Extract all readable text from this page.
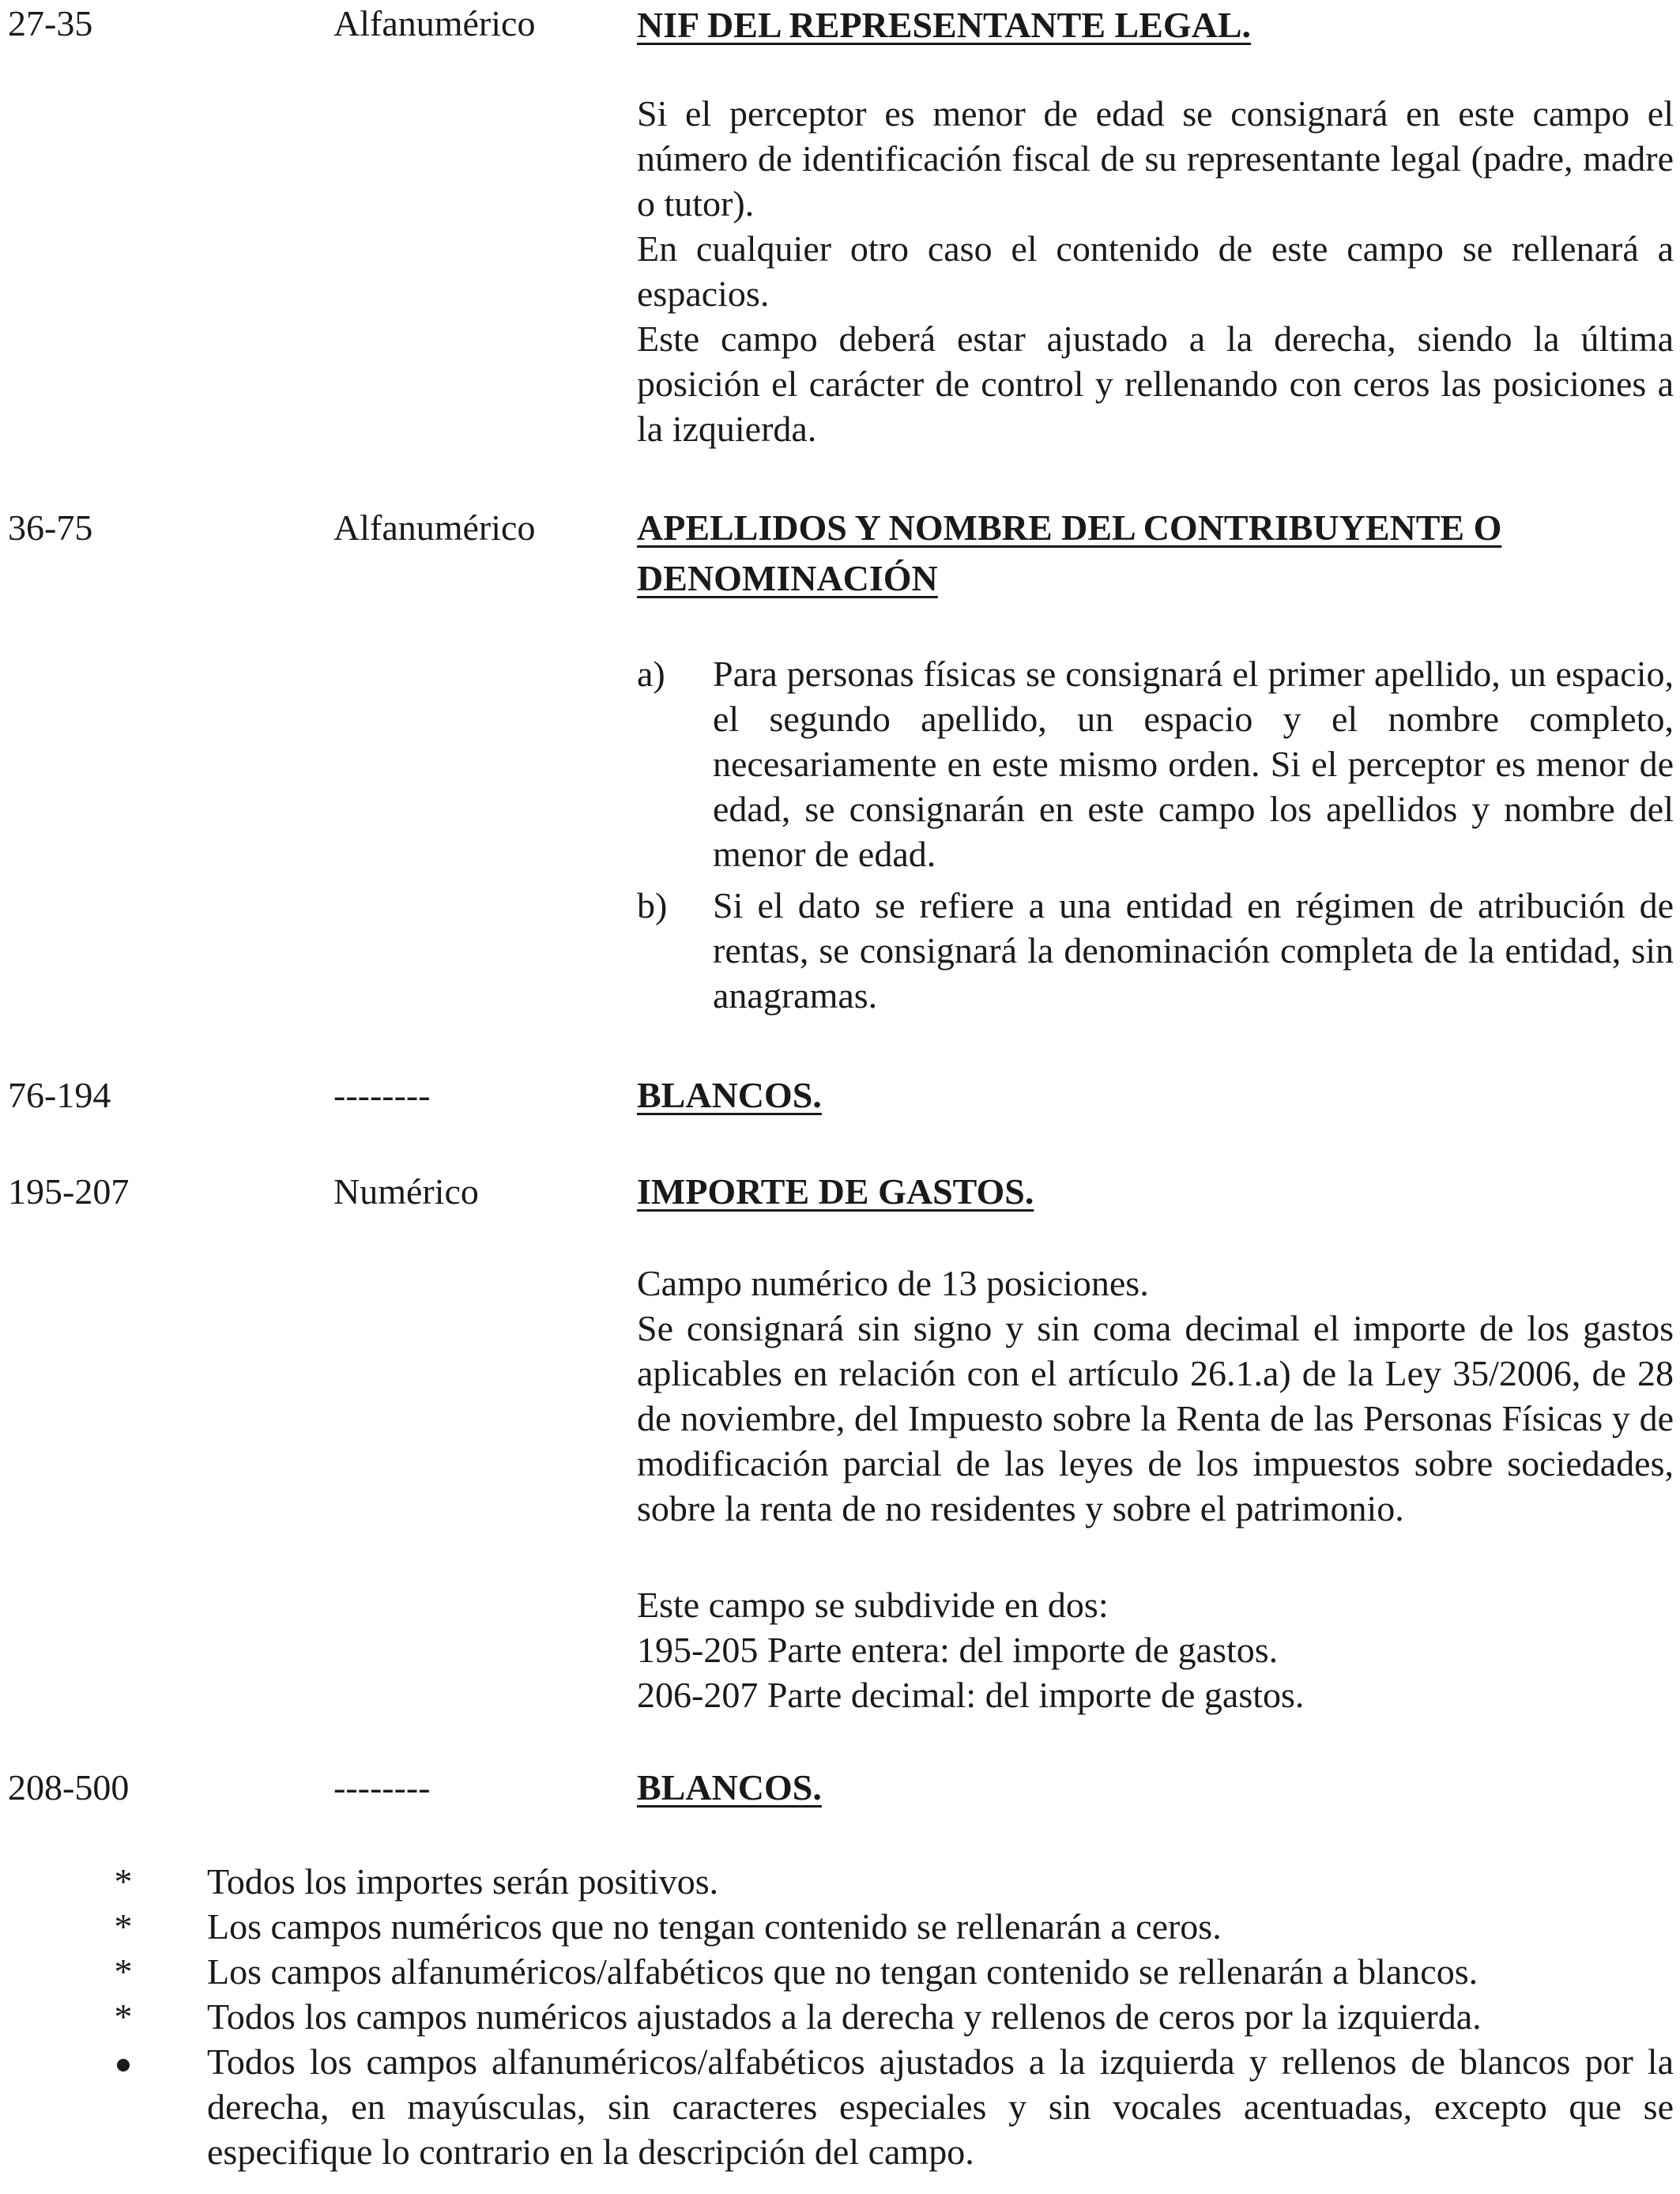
27-35	Alfanumérico	NIF DEL REPRESENTANTE LEGAL.
Si el perceptor es menor de edad se consignará en este campo el número de identificación fiscal de su representante legal (padre, madre o tutor).
En cualquier otro caso el contenido de este campo se rellenará a espacios.
Este campo deberá estar ajustado a la derecha, siendo la última posición el carácter de control y rellenando con ceros las posiciones a la izquierda.
36-75	Alfanumérico	APELLIDOS Y NOMBRE DEL CONTRIBUYENTE O DENOMINACIÓN
a) Para personas físicas se consignará el primer apellido, un espacio, el segundo apellido, un espacio y el nombre completo, necesariamente en este mismo orden. Si el perceptor es menor de edad, se consignarán en este campo los apellidos y nombre del menor de edad.
b) Si el dato se refiere a una entidad en régimen de atribución de rentas, se consignará la denominación completa de la entidad, sin anagramas.
76-194	--------	BLANCOS.
195-207	Numérico	IMPORTE DE GASTOS.
Campo numérico de 13 posiciones.
Se consignará sin signo y sin coma decimal el importe de los gastos aplicables en relación con el artículo 26.1.a) de la Ley 35/2006, de 28 de noviembre, del Impuesto sobre la Renta de las Personas Físicas y de modificación parcial de las leyes de los impuestos sobre sociedades, sobre la renta de no residentes y sobre el patrimonio.
Este campo se subdivide en dos:
195-205 Parte entera: del importe de gastos.
206-207 Parte decimal: del importe de gastos.
208-500	--------	BLANCOS.
* Todos los importes serán positivos.
* Los campos numéricos que no tengan contenido se rellenarán a ceros.
* Los campos alfanuméricos/alfabéticos que no tengan contenido se rellenarán a blancos.
* Todos los campos numéricos ajustados a la derecha y rellenos de ceros por la izquierda.
Todos los campos alfanuméricos/alfabéticos ajustados a la izquierda y rellenos de blancos por la derecha, en mayúsculas, sin caracteres especiales y sin vocales acentuadas, excepto que se especifique lo contrario en la descripción del campo.
